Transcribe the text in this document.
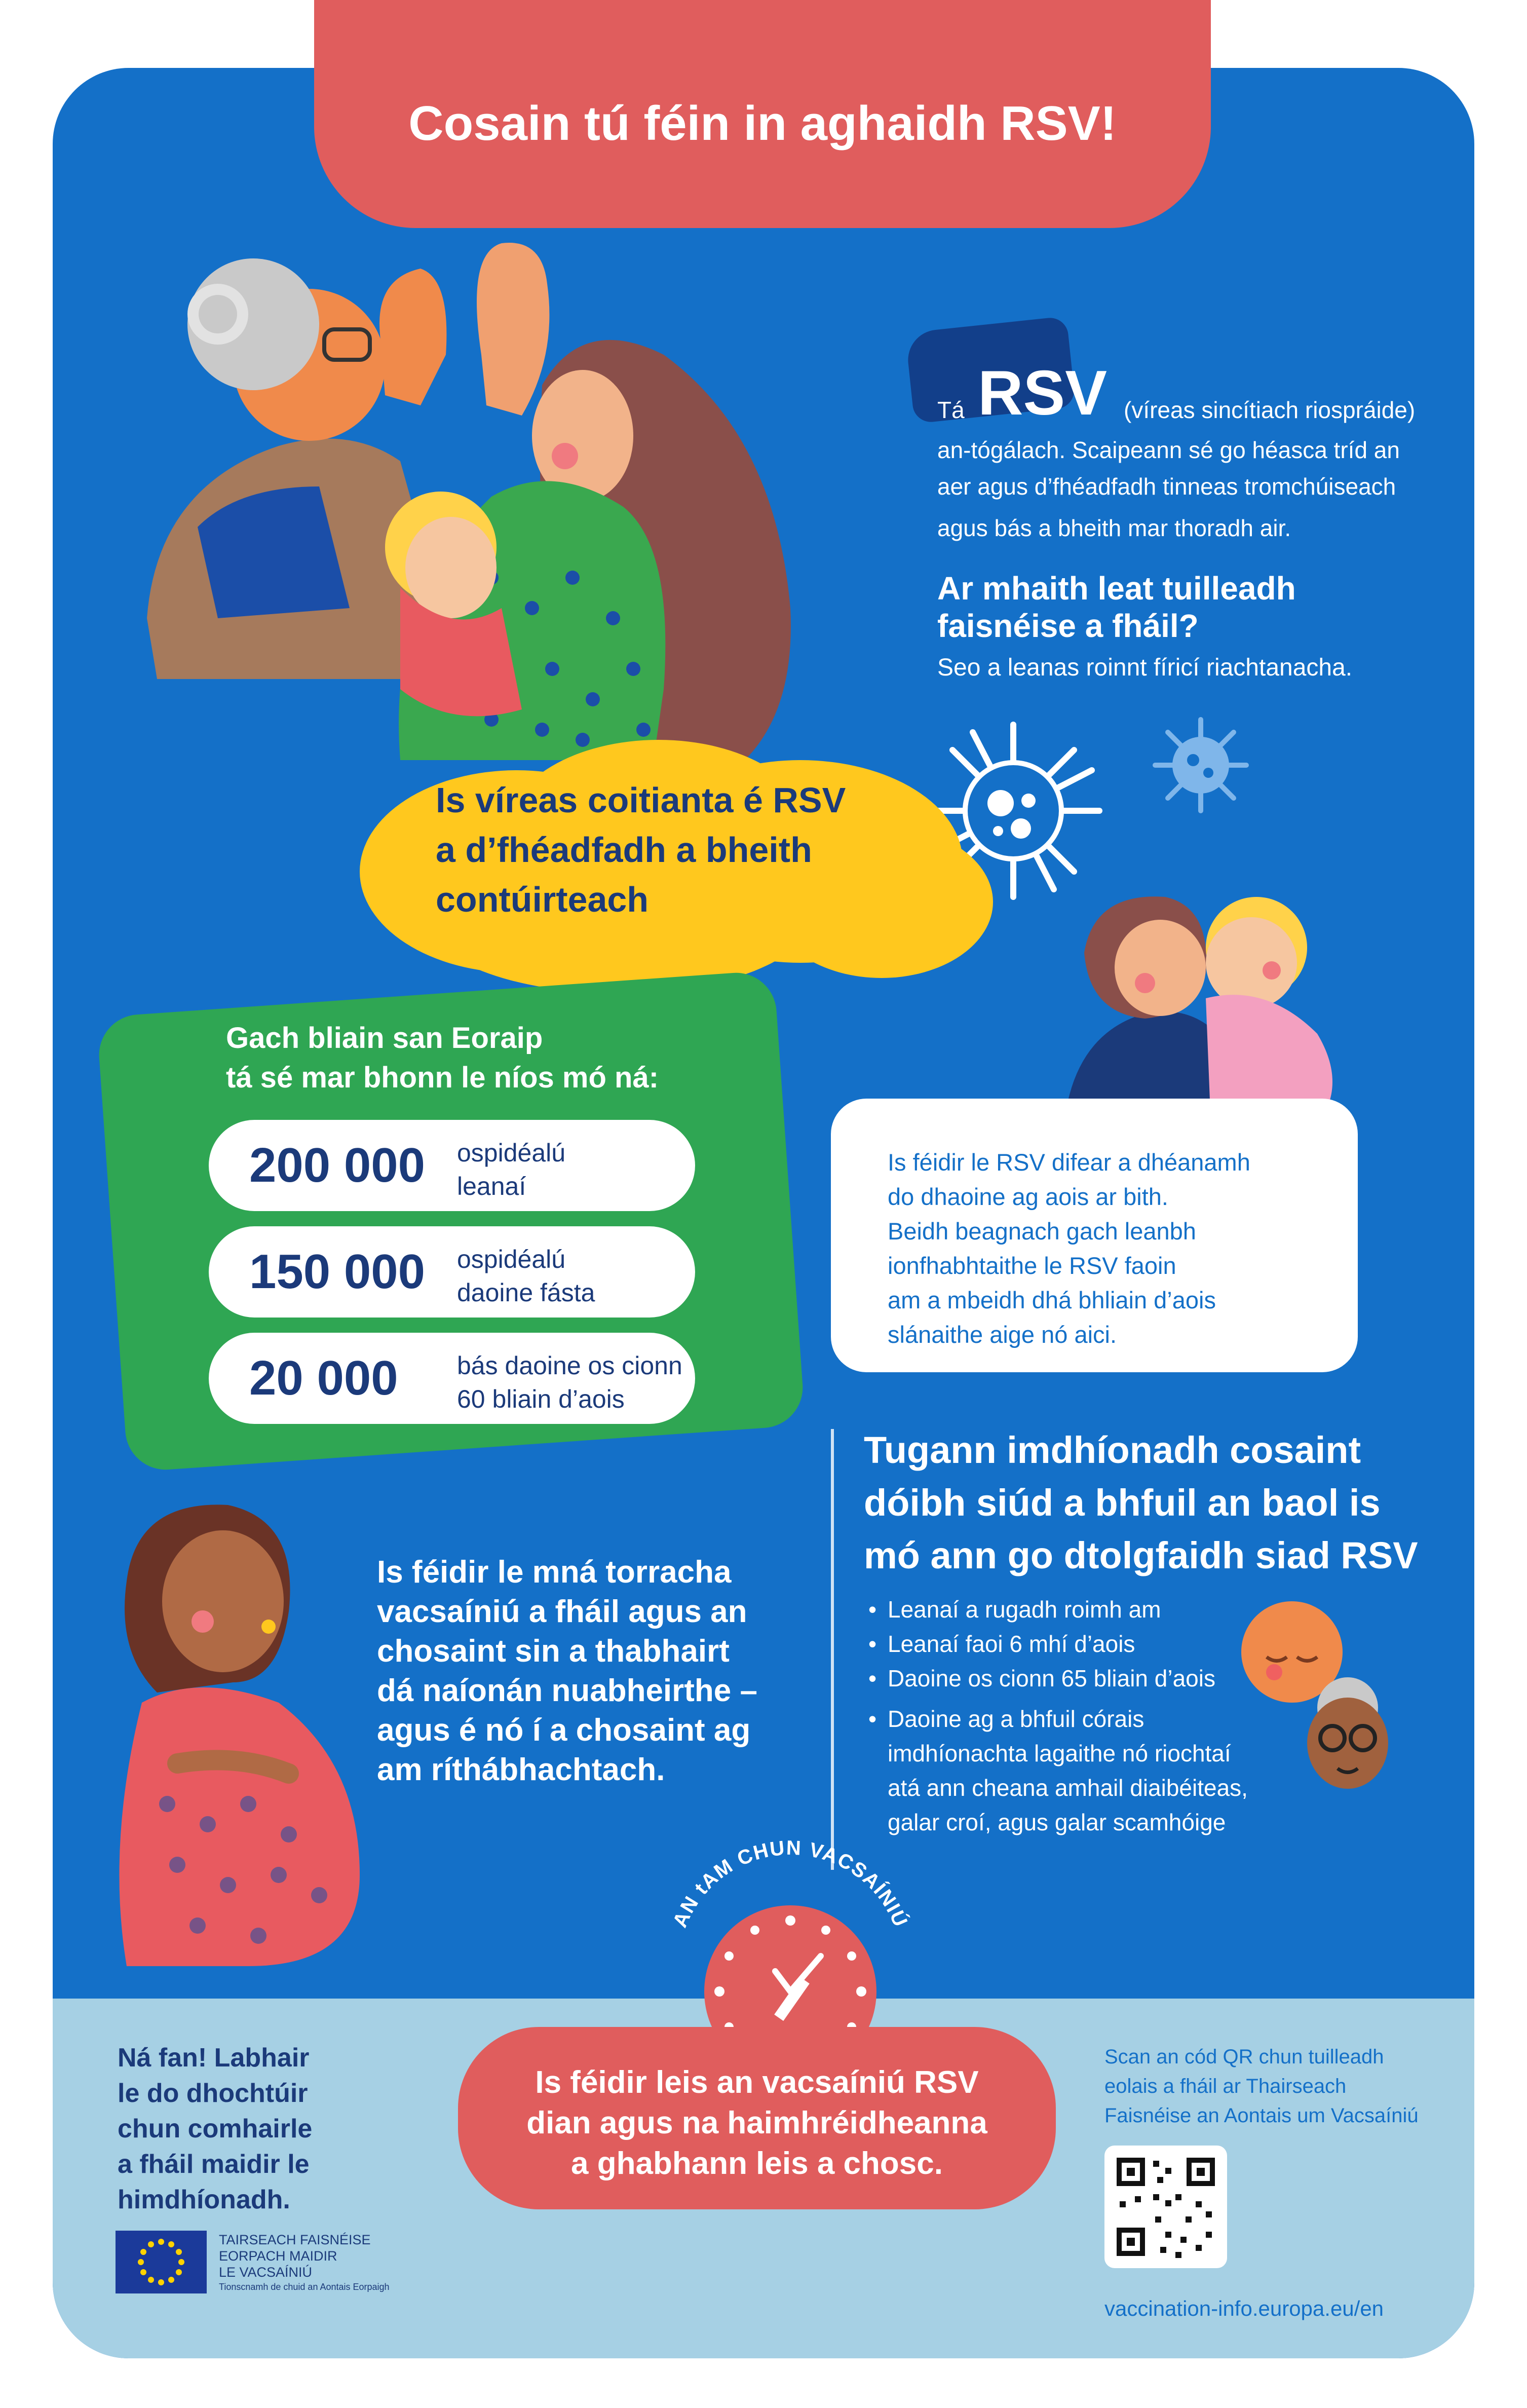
Cosain tú féin in aghaidh RSV!
Tá RSV (víreas sincítiach riospráide)
an-tógálach. Scaipeann sé go héasca tríd an
aer agus d’fhéadfadh tinneas tromchúiseach
agus bás a bheith mar thoradh air.
Ar mhaith leat tuilleadh
faisnéise a fháil?
Seo a leanas roinnt fíricí riachtanacha.
Is víreas coitianta é RSV
a d’fhéadfadh a bheith
contúirteach
Is féidir le RSV difear a dhéanamh
do dhaoine ag aois ar bith.
Beidh beagnach gach leanbh
ionfhabhtaithe le RSV faoin
am a mbeidh dhá bhliain d’aois
slánaithe aige nó aici.
Gach bliain san Eoraip
tá sé mar bhonn le níos mó ná:
200 000 ospidéalú
leanaí
150 000 ospidéalú
daoine fásta
20 000 bás daoine os cionn
60 bliain d’aois
Tugann imdhíonadh cosaint
dóibh siúd a bhfuil an baol is
mó ann go dtolgfaidh siad RSV
• Leanaí a rugadh roimh am
• Leanaí faoi 6 mhí d’aois
• Daoine os cionn 65 bliain d’aois
• Daoine ag a bhfuil córais
imdhíonachta lagaithe nó riochtaí
atá ann cheana amhail diaibéiteas,
galar croí, agus galar scamhóige
Is féidir le mná torracha
vacsaíniú a fháil agus an
chosaint sin a thabhairt
dá naíonán nuabheirthe –
agus é nó í a chosaint ag
am ríthábhachtach.
AN tAM CHUN VACSAÍNIÚ
Is féidir leis an vacsaíniú RSV
dian agus na haimhréidheanna
a ghabhann leis a chosc.
Ná fan! Labhair
le do dhochtúir
chun comhairle
a fháil maidir le
himdhíonadh.
TAIRSEACH FAISNÉISE
EORPACH MAIDIR
LE VACSAÍNIÚ
Tionscnamh de chuid an Aontais Eorpaigh
Scan an cód QR chun tuilleadh
eolais a fháil ar Thairseach
Faisnéise an Aontais um Vacsaíniú
vaccination-info.europa.eu/en
